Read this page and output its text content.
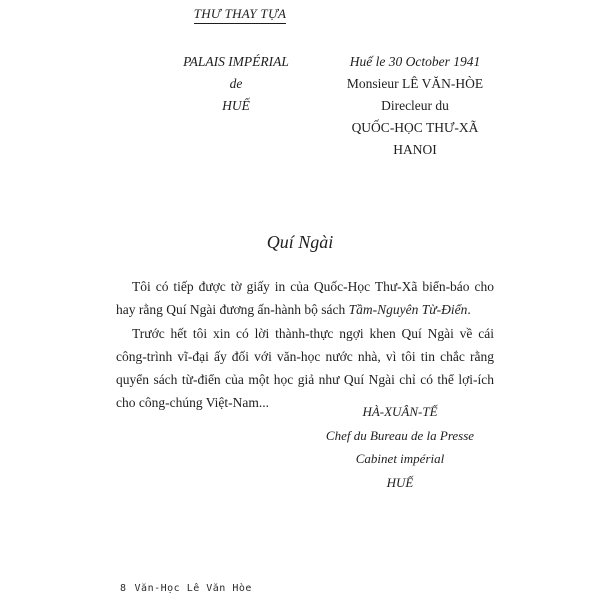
THƯ THAY TỰA
PALAIS IMPÉRIAL
de
HUẾ
Huế le 30 October 1941
Monsieur LÊ VĂN-HÒE
Direcleur du
QUỐC-HỌC THƯ-XÃ
HANOI
Quí Ngài

Tôi có tiếp được tờ giấy in của Quốc-Học Thư-Xã biển-báo cho hay rằng Quí Ngài đương ấn-hành bộ sách Tầm-Nguyên Từ-Điển.

Trước hết tôi xin có lời thành-thực ngợi khen Quí Ngài về cái công-trình vĩ-đại ấy đối với văn-học nước nhà, vì tôi tin chắc rằng quyển sách từ-điển của một học giả như Quí Ngài chỉ có thể lợi-ích cho công-chúng Việt-Nam...

HÀ-XUÂN-TẾ
Chef du Bureau de la Presse
Cabinet impérial
HUẾ
8 Văn-Học Lê Văn Hòe
